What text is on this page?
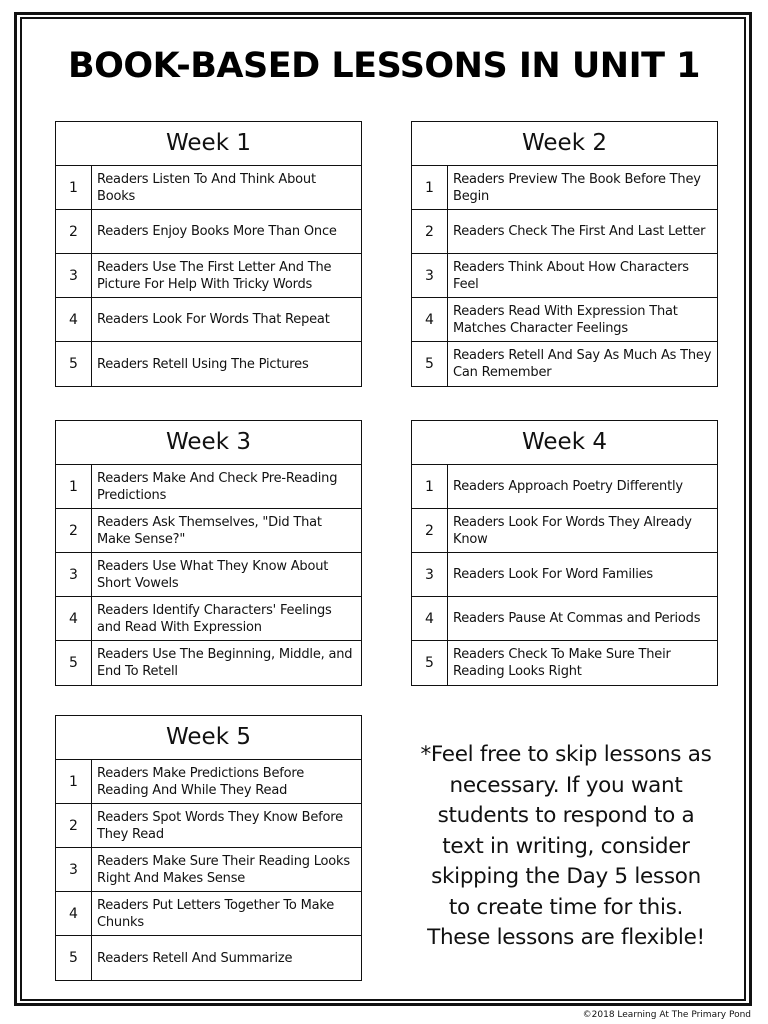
BOOK-BASED LESSONS IN UNIT 1
Week 1
1
Readers Listen To And Think About Books
2	Readers Enjoy Books More Than Once
3
Readers Use The First Letter And The Picture For Help With Tricky Words
4	Readers Look For Words That Repeat
5	Readers Retell Using The Pictures
Week 2
1
Readers Preview The Book Before They Begin
2	Readers Check The First And Last Letter
3
Readers Think About How Characters Feel
4
Readers Read With Expression That Matches Character Feelings
5
Readers Retell And Say As Much As They Can Remember
Week 3
1
Readers Make And Check Pre-Reading Predictions
2
Readers Ask Themselves, "Did That Make Sense?"
3
Readers Use What They Know About Short Vowels
4
Readers Identify Characters' Feelings and Read With Expression
5
Readers Use The Beginning, Middle, and End To Retell
Week 4
1	Readers Approach Poetry Differently
2
Readers Look For Words They Already Know
3	Readers Look For Word Families
4	Readers Pause At Commas and Periods
5
Readers Check To Make Sure Their Reading Looks Right
Week 5
1
Readers Make Predictions Before Reading And While They Read
2
Readers Spot Words They Know Before They Read
3
Readers Make Sure Their Reading Looks Right And Makes Sense
4
Readers Put Letters Together To Make Chunks
5	Readers Retell And Summarize
*Feel free to skip lessons as necessary. If you want students to respond to a text in writing, consider skipping the Day 5 lesson to create time for this. These lessons are flexible!
©2018 Learning At The Primary Pond
